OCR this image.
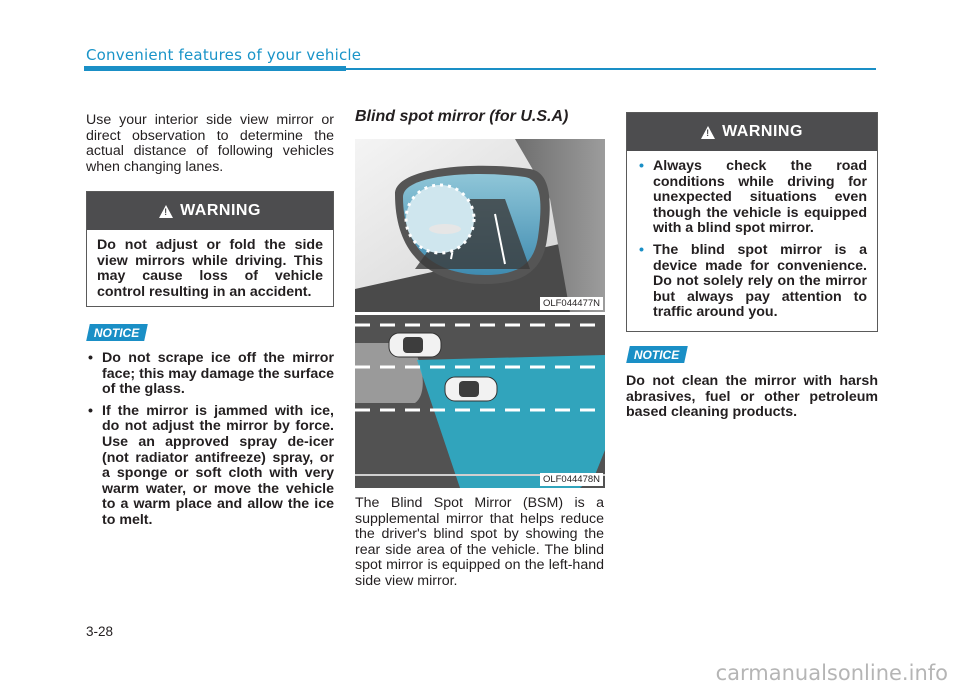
Convenient features of your vehicle

Use your interior side view mirror or direct observation to determine the actual distance of following vehicles when changing lanes.

!
WARNING

Do not adjust or fold the side view mirrors while driving. This may cause loss of vehicle control resulting in an accident.

NOTICE
• Do not scrape ice off the mirror face; this may damage the surface of the glass.

• If the mirror is jammed with ice, do not adjust the mirror by force. Use an approved spray de-icer (not radiator antifreeze) spray, or a sponge or soft cloth with very warm water, or move the vehicle to a warm place and allow the ice to melt.

Blind spot mirror (for U.S.A)
OLF044477N
OLF044478N

The Blind Spot Mirror (BSM) is a supplemental mirror that helps reduce the driver's blind spot by showing the rear side area of the vehicle. The blind spot mirror is equipped on the left-hand side view mirror.

!
WARNING
• Always check the road conditions while driving for unexpected situations even though the vehicle is equipped with a blind spot mirror.

• The blind spot mirror is a device made for convenience. Do not solely rely on the mirror but always pay attention to traffic around you.

NOTICE

Do not clean the mirror with harsh abrasives, fuel or other petroleum based cleaning products.

3-28
carmanualsonline.info
